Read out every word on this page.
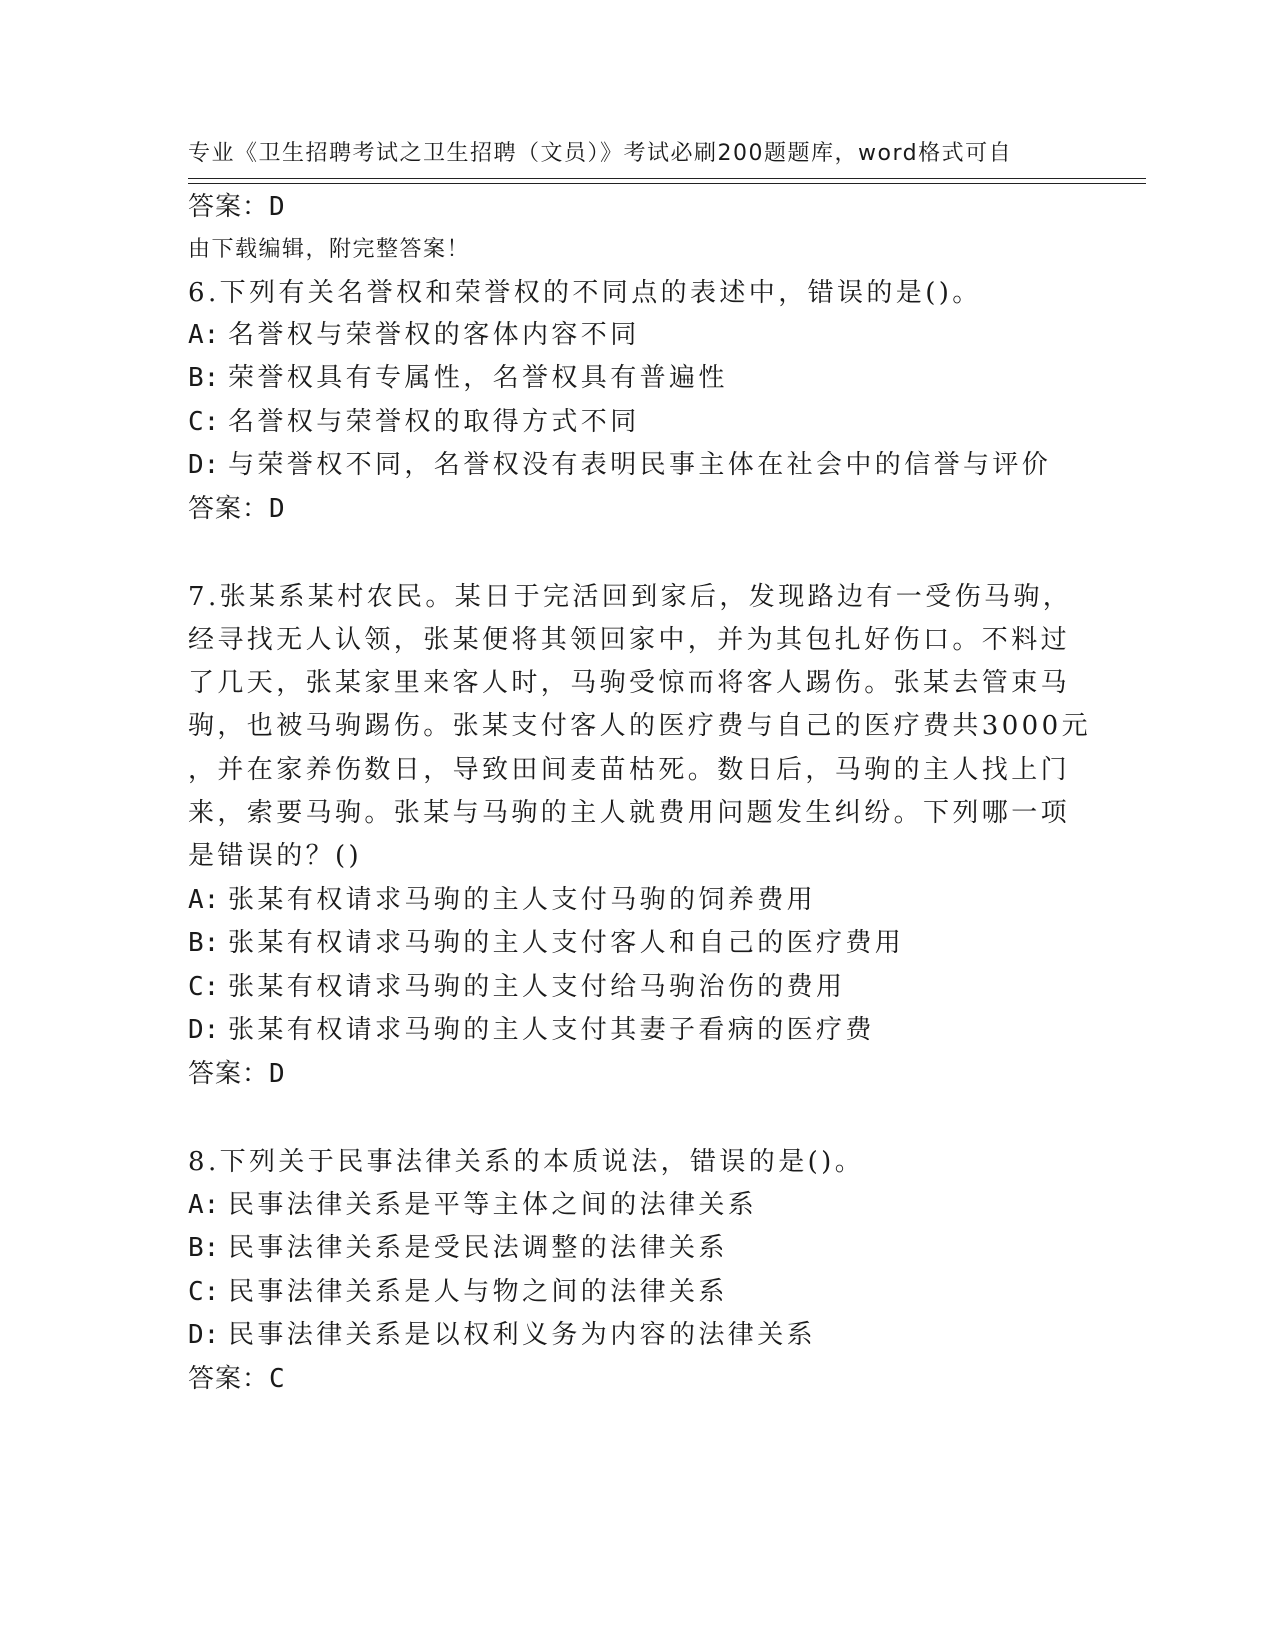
专业《卫生招聘考试之卫生招聘（文员）》考试必刷200题题库，word格式可自

由下载编辑，附完整答案！

答案：D
6.下列有关名誉权和荣誉权的不同点的表述中，错误的是()。
A: 名誉权与荣誉权的客体内容不同
B: 荣誉权具有专属性，名誉权具有普遍性
C: 名誉权与荣誉权的取得方式不同
D: 与荣誉权不同，名誉权没有表明民事主体在社会中的信誉与评价
答案：D
7.张某系某村农民。某日于完活回到家后，发现路边有一受伤马驹，
经寻找无人认领，张某便将其领回家中，并为其包扎好伤口。不料过
了几天，张某家里来客人时，马驹受惊而将客人踢伤。张某去管束马
驹，也被马驹踢伤。张某支付客人的医疗费与自己的医疗费共3000元
，并在家养伤数日，导致田间麦苗枯死。数日后，马驹的主人找上门
来，索要马驹。张某与马驹的主人就费用问题发生纠纷。下列哪一项
是错误的？()
A: 张某有权请求马驹的主人支付马驹的饲养费用
B: 张某有权请求马驹的主人支付客人和自己的医疗费用
C: 张某有权请求马驹的主人支付给马驹治伤的费用
D: 张某有权请求马驹的主人支付其妻子看病的医疗费
答案：D
8.下列关于民事法律关系的本质说法，错误的是()。
A: 民事法律关系是平等主体之间的法律关系
B: 民事法律关系是受民法调整的法律关系
C: 民事法律关系是人与物之间的法律关系
D: 民事法律关系是以权利义务为内容的法律关系
答案：C
